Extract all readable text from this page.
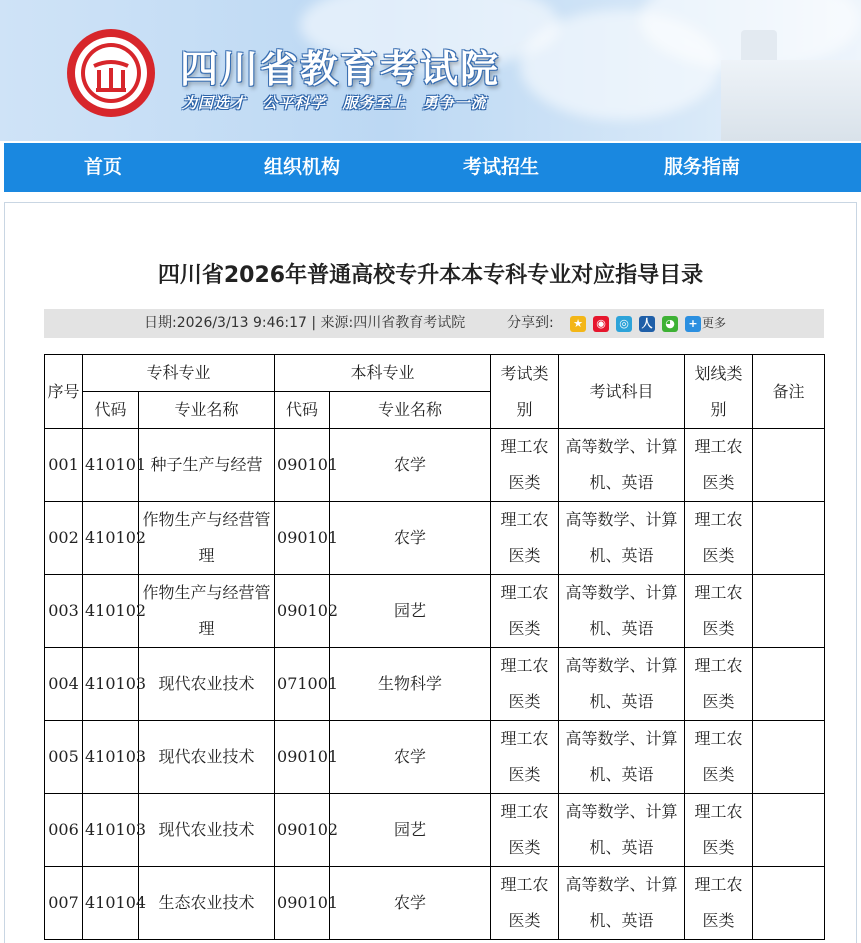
四川省教育考试院

为国选才 公平科学 服务至上 勇争一流

首页	组织机构	考试招生	服务指南
四川省2026年普通高校专升本本专科专业对应指导目录
日期:2026/3/13 9:46:17 | 来源:四川省教育考试院	分享到: ★ ◉ ◎ 人 ◕	+ 更多
序号	专科专业		本科专业		考试类别	考试科目	划线类别	备注
	代码	专业名称	代码	专业名称				
001	410101	种子生产与经营	090101	农学	理工农医类	高等数学、计算机、英语	理工农医类	
002	410102	作物生产与经营管理	090101	农学	理工农医类	高等数学、计算机、英语	理工农医类	
003	410102	作物生产与经营管理	090102	园艺	理工农医类	高等数学、计算机、英语	理工农医类	
004	410103	现代农业技术	071001	生物科学	理工农医类	高等数学、计算机、英语	理工农医类	
005	410103	现代农业技术	090101	农学	理工农医类	高等数学、计算机、英语	理工农医类	
006	410103	现代农业技术	090102	园艺	理工农医类	高等数学、计算机、英语	理工农医类	
007	410104	生态农业技术	090101	农学	理工农医类	高等数学、计算机、英语	理工农医类	
